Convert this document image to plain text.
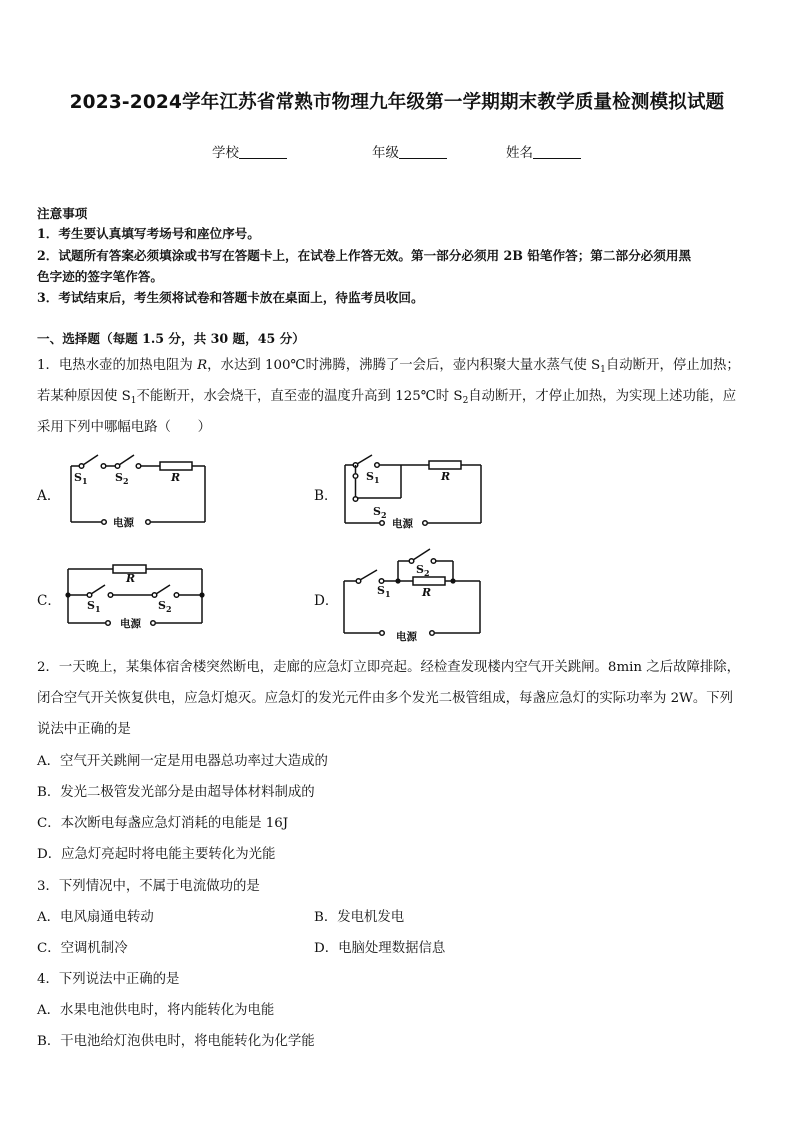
2023-2024学年江苏省常熟市物理九年级第一学期期末教学质量检测模拟试题
学校	年级	姓名
注意事项
1．考生要认真填写考场号和座位序号。
2．试题所有答案必须填涂或书写在答题卡上，在试卷上作答无效。第一部分必须用 2B 铅笔作答；第二部分必须用黑
色字迹的签字笔作答。
3．考试结束后，考生须将试卷和答题卡放在桌面上，待监考员收回。
一、选择题（每题 1.5 分，共 30 题，45 分）
1．电热水壶的加热电阻为 R，水达到 100℃时沸腾，沸腾了一会后，壶内积聚大量水蒸气使 $S_1$自动断开，停止加热；
若某种原因使 $S_1$不能断开，水会烧干，直至壶的温度升高到 125℃时 $S_2$自动断开，才停止加热，为实现上述功能，应
采用下列中哪幅电路（　　）
A．	B．
C．	D．
$S_1$ $S_2$	R
电源
$S_1$
$S_2$
R
电源
R
$S_1$	$S_2$
电源
$S_2$
$S_1$	R
电源
2．一天晚上，某集体宿舍楼突然断电，走廊的应急灯立即亮起。经检查发现楼内空气开关跳闸。8min 之后故障排除，
闭合空气开关恢复供电，应急灯熄灭。应急灯的发光元件由多个发光二极管组成，每盏应急灯的实际功率为 2W。下列
说法中正确的是
A．空气开关跳闸一定是用电器总功率过大造成的
B．发光二极管发光部分是由超导体材料制成的
C．本次断电每盏应急灯消耗的电能是 16J
D．应急灯亮起时将电能主要转化为光能
3．下列情况中，不属于电流做功的是
A．电风扇通电转动	B．发电机发电
C．空调机制冷	D．电脑处理数据信息
4．下列说法中正确的是
A．水果电池供电时，将内能转化为电能
B．干电池给灯泡供电时，将电能转化为化学能
